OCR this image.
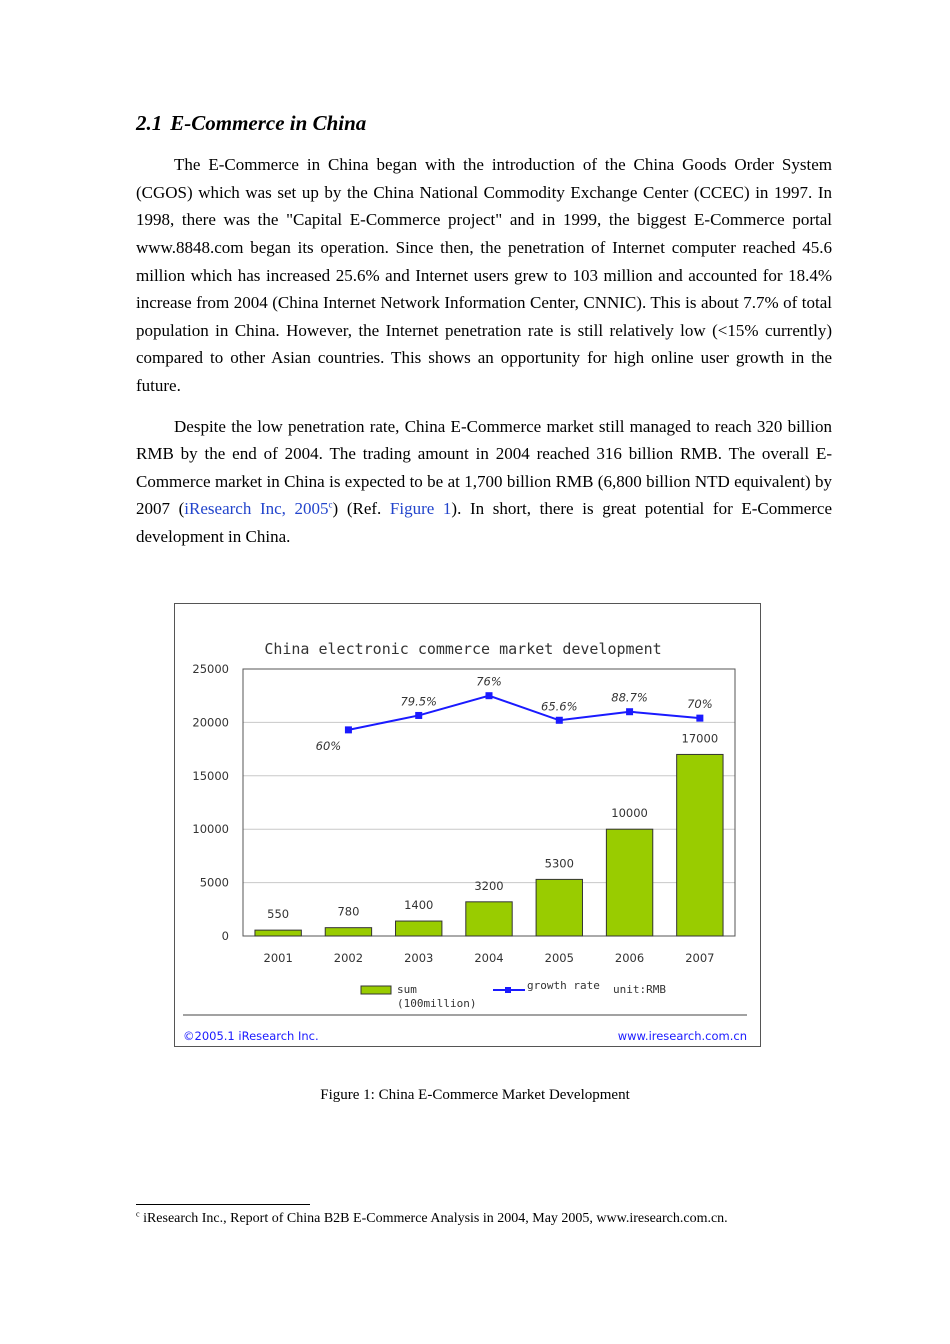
2.1 E-Commerce in China

The E-Commerce in China began with the introduction of the China Goods Order System (CGOS) which was set up by the China National Commodity Exchange Center (CCEC) in 1997. In 1998, there was the "Capital E-Commerce project" and in 1999, the biggest E-Commerce portal www.8848.com began its operation. Since then, the penetration of Internet computer reached 45.6 million which has increased 25.6% and Internet users grew to 103 million and accounted for 18.4% increase from 2004 (China Internet Network Information Center, CNNIC). This is about 7.7% of total population in China. However, the Internet penetration rate is still relatively low (<15% currently) compared to other Asian countries. This shows an opportunity for high online user growth in the future.

Despite the low penetration rate, China E-Commerce market still managed to reach 320 billion RMB by the end of 2004. The trading amount in 2004 reached 316 billion RMB. The overall E-Commerce market in China is expected to be at 1,700 billion RMB (6,800 billion NTD equivalent) by 2007 (iResearch Inc, 2005$^c$) (Ref. Figure 1). In short, there is great potential for E-Commerce development in China.

China electronic commerce market development
25000
20000
15000
10000
5000
0
550	780	1400
3200
5300
10000
17000
2001	2002	2003	2004	2005	2006	2007
60%
79.5%
76%
65.6%
88.7%	70%
sum
(100million)
growth rate unit:RMB
©2005.1 iResearch Inc.	www.iresearch.com.cn
Figure 1: China E-Commerce Market Development
$^c$ iResearch Inc., Report of China B2B E-Commerce Analysis in 2004, May 2005, www.iresearch.com.cn.
